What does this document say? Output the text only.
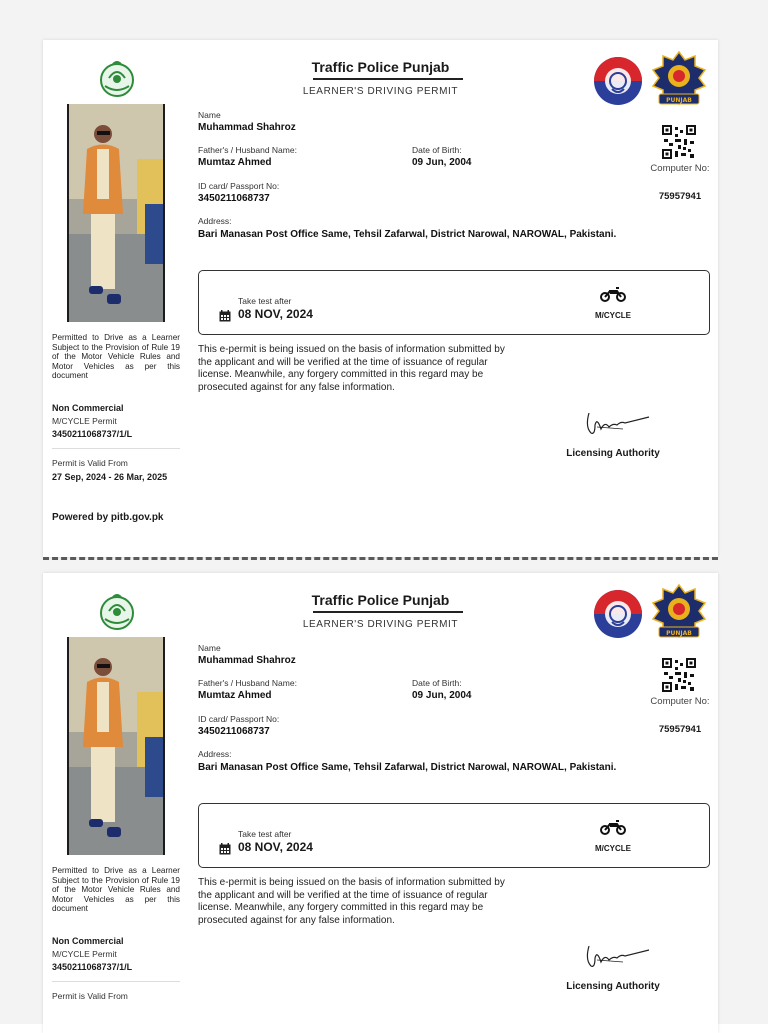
Traffic Police Punjab
LEARNER'S DRIVING PERMIT
PUNJAB
Name
Muhammad Shahroz
Father's / Husband Name:
Mumtaz Ahmed
Date of Birth:
09 Jun, 2004
ID card/ Passport No:
3450211068737
Address:
Bari Manasan Post Office Same, Tehsil Zafarwal, District Narowal, NAROWAL, Pakistani.
Computer No:
75957941
Take test after
08 NOV, 2024	M/CYCLE
This e-permit is being issued on the basis of information submitted by the applicant and will be verified at the time of issuance of regular license. Meanwhile, any forgery committed in this regard may be prosecuted against for any false information.
Licensing Authority
Permitted to Drive as a Learner Subject to the Provision of Rule 19 of the Motor Vehicle Rules and Motor Vehicles as per this document
Non Commercial
M/CYCLE Permit
3450211068737/1/L
Permit is Valid From
27 Sep, 2024 - 26 Mar, 2025
Powered by pitb.gov.pk
Traffic Police Punjab
LEARNER'S DRIVING PERMIT
PUNJAB
Name
Muhammad Shahroz
Father's / Husband Name:
Mumtaz Ahmed
Date of Birth:
09 Jun, 2004
ID card/ Passport No:
3450211068737
Address:
Bari Manasan Post Office Same, Tehsil Zafarwal, District Narowal, NAROWAL, Pakistani.
Computer No:
75957941
Take test after
08 NOV, 2024	M/CYCLE
This e-permit is being issued on the basis of information submitted by the applicant and will be verified at the time of issuance of regular license. Meanwhile, any forgery committed in this regard may be prosecuted against for any false information.
Licensing Authority
Permitted to Drive as a Learner Subject to the Provision of Rule 19 of the Motor Vehicle Rules and Motor Vehicles as per this document
Non Commercial
M/CYCLE Permit
3450211068737/1/L
Permit is Valid From
